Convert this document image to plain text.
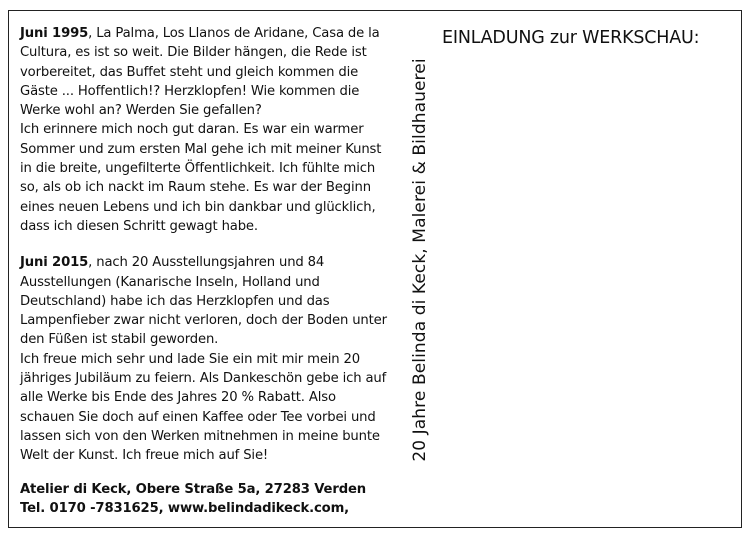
Juni 1995, La Palma, Los Llanos de Aridane, Casa de la Cultura, es ist so weit. Die Bilder hängen, die Rede ist vorbereitet, das Buffet steht und gleich kommen die Gäste ... Hoffentlich!? Herzklopfen! Wie kommen die Werke wohl an? Werden Sie gefallen?

Ich erinnere mich noch gut daran. Es war ein warmer Sommer und zum ersten Mal gehe ich mit meiner Kunst in die breite, ungefilterte Öffentlichkeit. Ich fühlte mich so, als ob ich nackt im Raum stehe. Es war der Beginn eines neuen Lebens und ich bin dankbar und glücklich, dass ich diesen Schritt gewagt habe.

Juni 2015, nach 20 Ausstellungsjahren und 84 Ausstellungen (Kanarische Inseln, Holland und Deutschland) habe ich das Herzklopfen und das Lampenfieber zwar nicht verloren, doch der Boden unter den Füßen ist stabil geworden.

Ich freue mich sehr und lade Sie ein mit mir mein 20 jähriges Jubiläum zu feiern. Als Dankeschön gebe ich auf alle Werke bis Ende des Jahres 20 % Rabatt. Also schauen Sie doch auf einen Kaffee oder Tee vorbei und lassen sich von den Werken mitnehmen in meine bunte Welt der Kunst. Ich freue mich auf Sie!

Atelier di Keck, Obere Straße 5a, 27283 Verden

Tel. 0170 -7831625, www.belindadikeck.com,

20 Jahre Belinda di Keck, Malerei & Bildhauerei
EINLADUNG zur WERKSCHAU:
